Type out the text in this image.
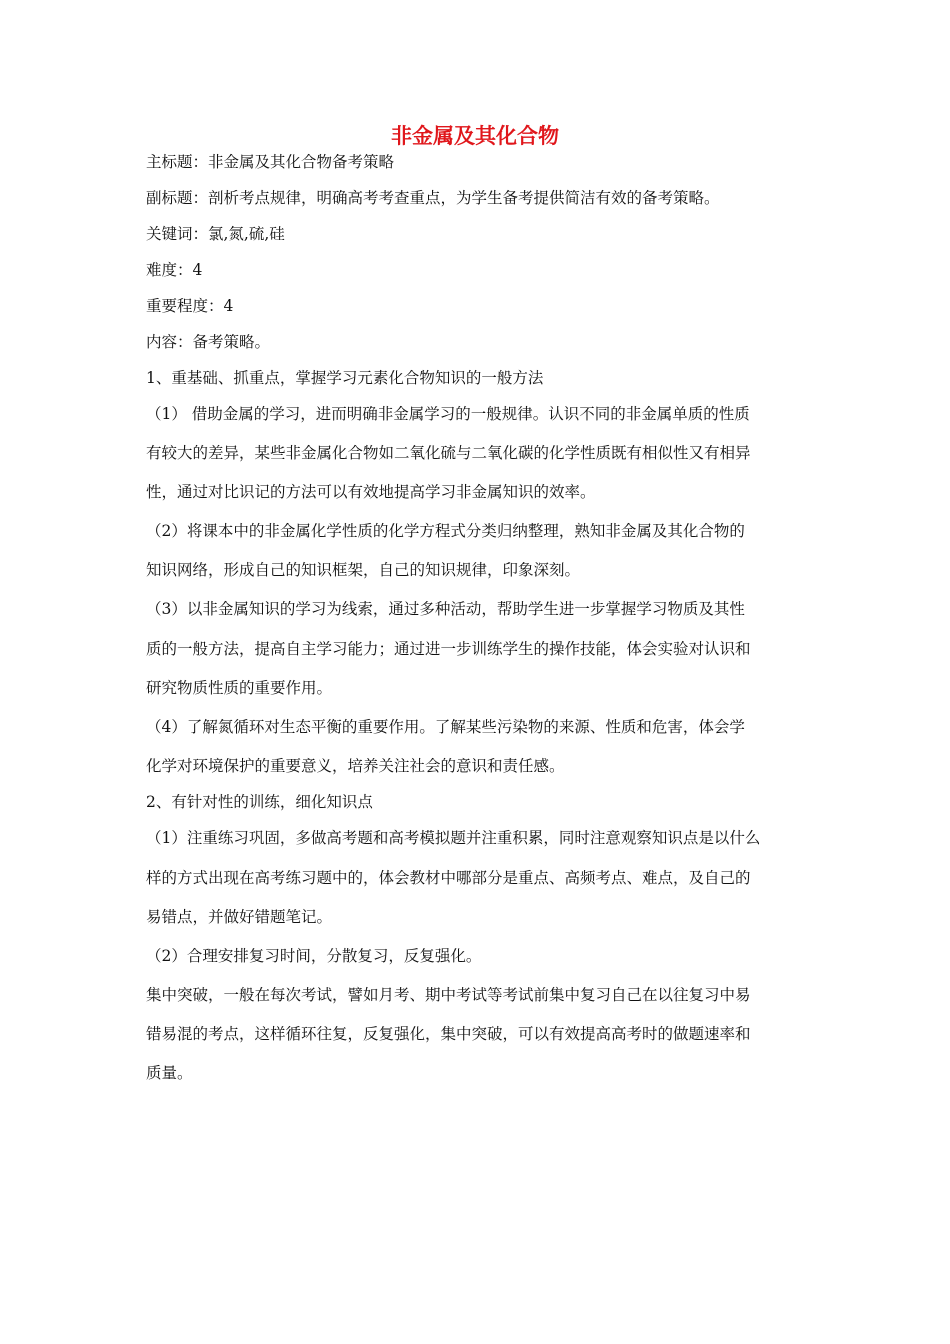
非金属及其化合物
主标题：非金属及其化合物备考策略
副标题：剖析考点规律，明确高考考查重点，为学生备考提供简洁有效的备考策略。
关键词：氯,氮,硫,硅
难度：4
重要程度：4
内容：备考策略。
1、重基础、抓重点，掌握学习元素化合物知识的一般方法
（1） 借助金属的学习，进而明确非金属学习的一般规律。认识不同的非金属单质的性质
有较大的差异，某些非金属化合物如二氧化硫与二氧化碳的化学性质既有相似性又有相异
性，通过对比识记的方法可以有效地提高学习非金属知识的效率。
（2）将课本中的非金属化学性质的化学方程式分类归纳整理，熟知非金属及其化合物的
知识网络，形成自己的知识框架，自己的知识规律，印象深刻。
（3）以非金属知识的学习为线索，通过多种活动，帮助学生进一步掌握学习物质及其性
质的一般方法，提高自主学习能力；通过进一步训练学生的操作技能，体会实验对认识和
研究物质性质的重要作用。
（4）了解氮循环对生态平衡的重要作用。了解某些污染物的来源、性质和危害，体会学
化学对环境保护的重要意义，培养关注社会的意识和责任感。
2、有针对性的训练，细化知识点
（1）注重练习巩固，多做高考题和高考模拟题并注重积累，同时注意观察知识点是以什么
样的方式出现在高考练习题中的，体会教材中哪部分是重点、高频考点、难点，及自己的
易错点，并做好错题笔记。
（2）合理安排复习时间，分散复习，反复强化。
集中突破，一般在每次考试，譬如月考、期中考试等考试前集中复习自己在以往复习中易
错易混的考点，这样循环往复，反复强化，集中突破，可以有效提高高考时的做题速率和
质量。
